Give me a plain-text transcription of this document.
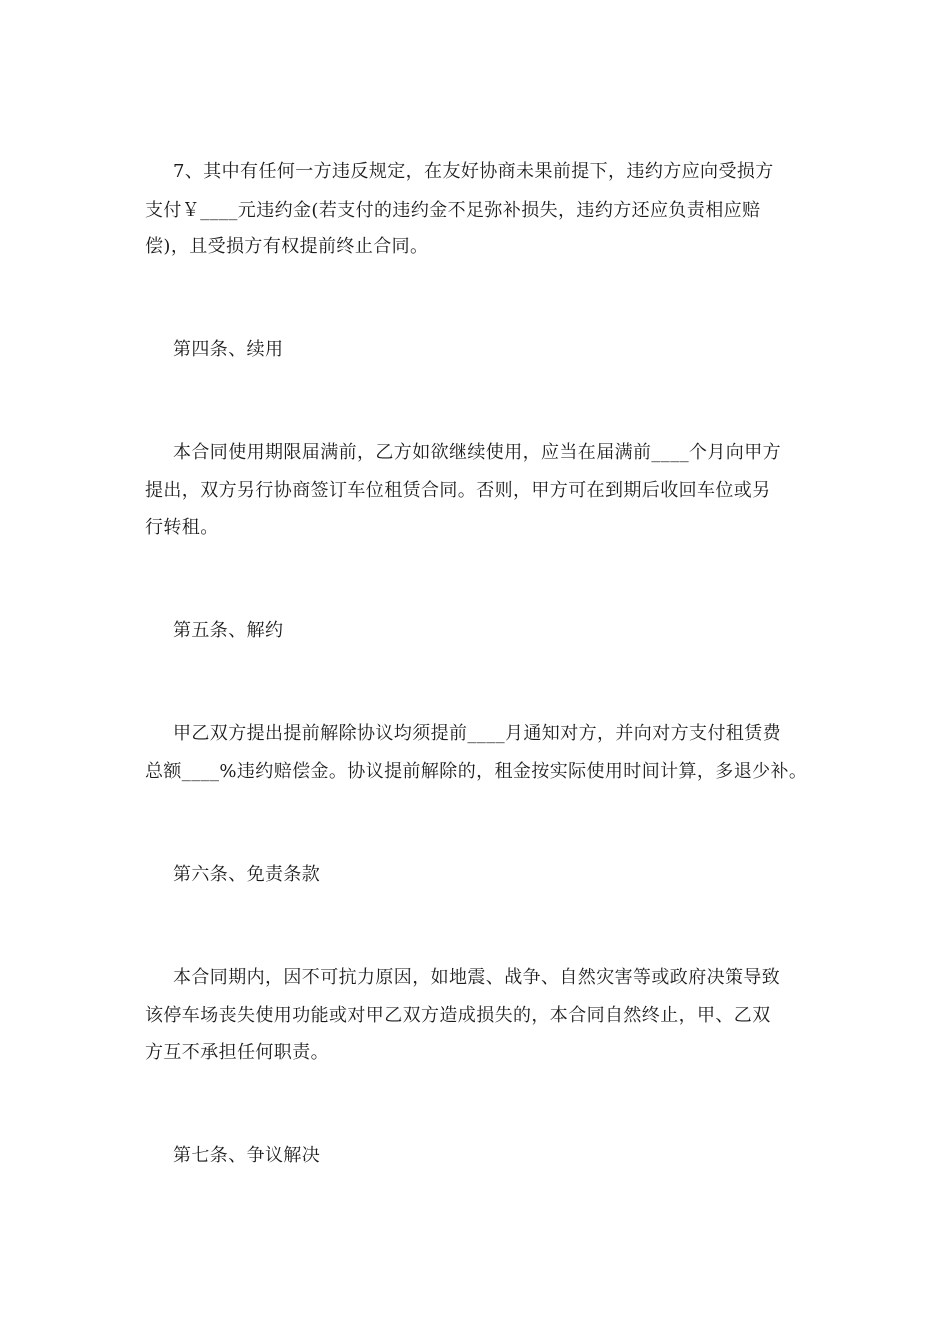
7、其中有任何一方违反规定，在友好协商未果前提下，违约方应向受损方
支付￥____元违约金(若支付的违约金不足弥补损失，违约方还应负责相应赔
偿)，且受损方有权提前终止合同。
第四条、续用
本合同使用期限届满前，乙方如欲继续使用，应当在届满前____个月向甲方
提出，双方另行协商签订车位租赁合同。否则，甲方可在到期后收回车位或另
行转租。
第五条、解约
甲乙双方提出提前解除协议均须提前____月通知对方，并向对方支付租赁费
总额____%违约赔偿金。协议提前解除的，租金按实际使用时间计算，多退少补。
第六条、免责条款
本合同期内，因不可抗力原因，如地震、战争、自然灾害等或政府决策导致
该停车场丧失使用功能或对甲乙双方造成损失的，本合同自然终止，甲、乙双
方互不承担任何职责。
第七条、争议解决
